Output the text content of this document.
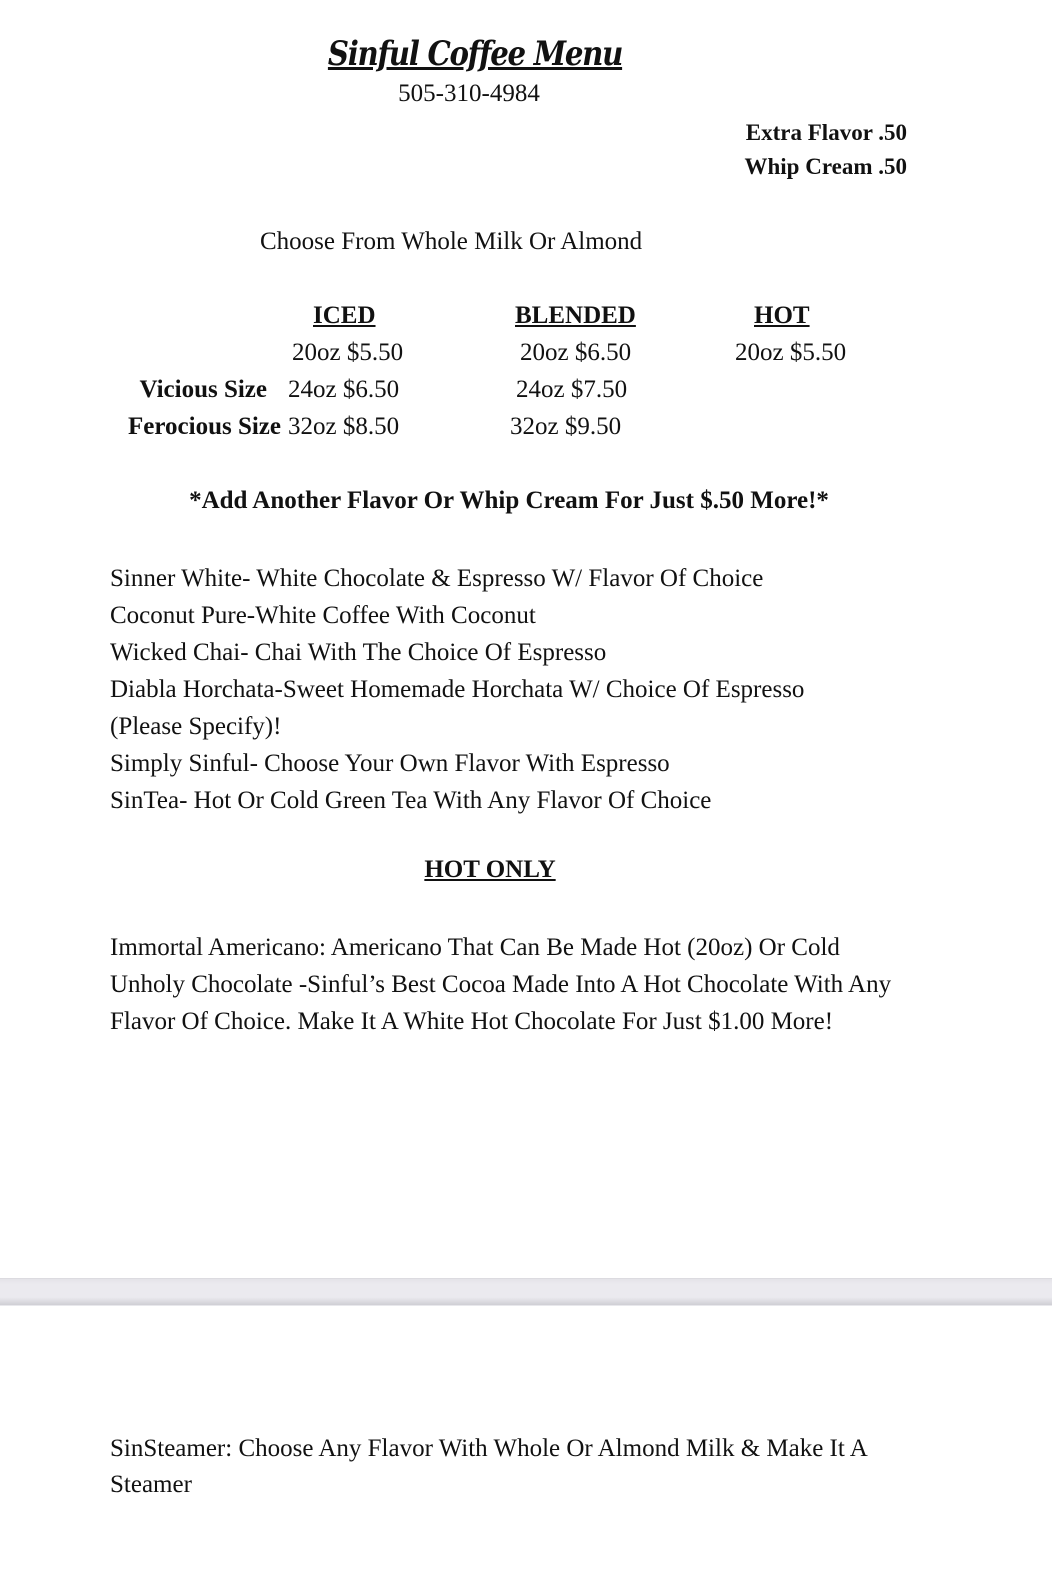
Sinful Coffee Menu
505-310-4984
Extra Flavor .50
Whip Cream .50
Choose From Whole Milk Or Almond
ICED	BLENDED	HOT
Vicious Size
Ferocious Size
20oz $5.50
24oz $6.50
32oz $8.50
20oz $6.50
24oz $7.50
32oz $9.50
20oz $5.50
*Add Another Flavor Or Whip Cream For Just $.50 More!*
Sinner White- White Chocolate & Espresso W/ Flavor Of Choice
Coconut Pure-White Coffee With Coconut
Wicked Chai- Chai With The Choice Of Espresso
Diabla Horchata-Sweet Homemade Horchata W/ Choice Of Espresso
(Please Specify)!
Simply Sinful- Choose Your Own Flavor With Espresso
SinTea- Hot Or Cold Green Tea With Any Flavor Of Choice
HOT ONLY
Immortal Americano: Americano That Can Be Made Hot (20oz) Or Cold
Unholy Chocolate -Sinful’s Best Cocoa Made Into A Hot Chocolate With Any Flavor Of Choice. Make It A White Hot Chocolate For Just $1.00 More!
SinSteamer: Choose Any Flavor With Whole Or Almond Milk & Make It A Steamer
